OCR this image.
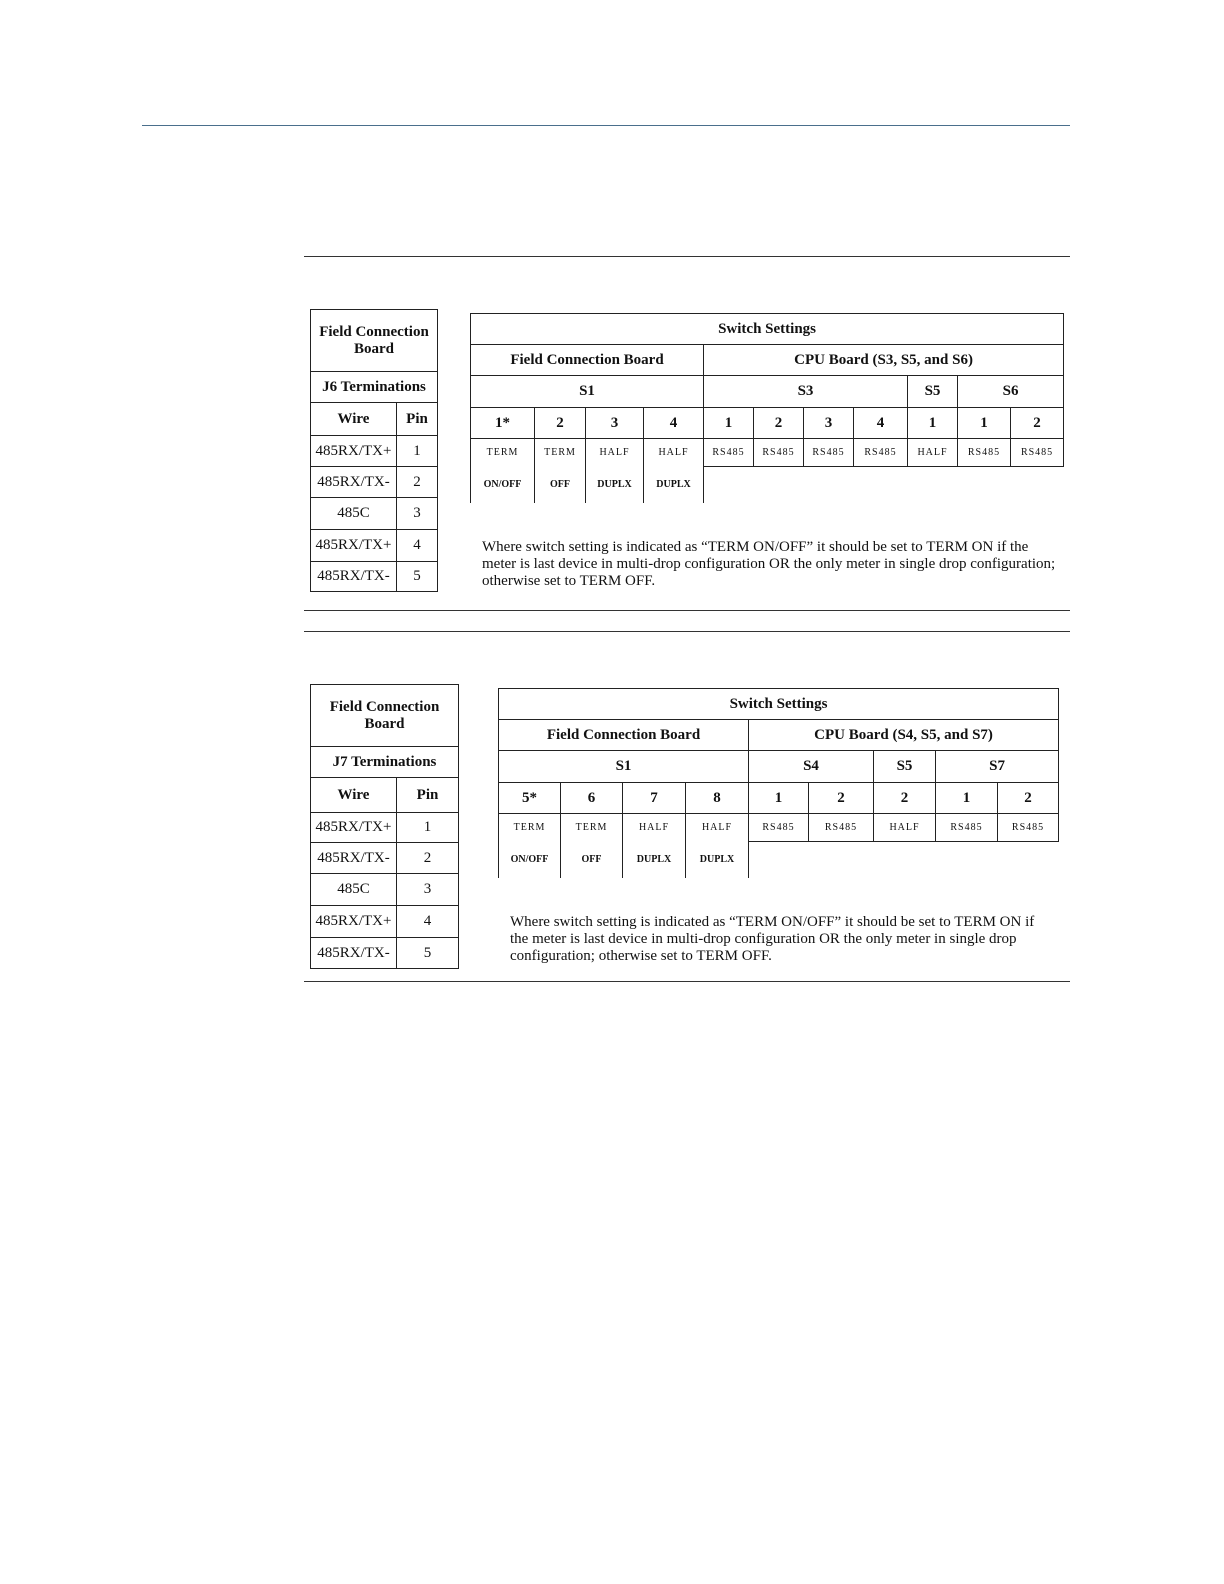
Field Connection Board	
J6 Terminations	
Wire	Pin
485RX/TX+	1
485RX/TX-	2
485C	3
485RX/TX+	4
485RX/TX-	5
Switch Settings										
Field Connection Board				CPU Board (S3, S5, and S6)						
S1				S3				S5	S6	
1*	2	3	4	1	2	3	4	1	1	2
TERM	TERM	HALF	HALF	RS485	RS485	RS485	RS485	HALF	RS485	RS485
ON/OFF	OFF	DUPLX	DUPLX							

Where switch setting is indicated as “TERM ON/OFF” it should be set to TERM ON if the meter is last device in multi-drop configuration OR the only meter in single drop configuration; otherwise set to TERM OFF.

Field Connection Board	
J7 Terminations	
Wire	Pin
485RX/TX+	1
485RX/TX-	2
485C	3
485RX/TX+	4
485RX/TX-	5
Switch Settings								
Field Connection Board				CPU Board (S4, S5, and S7)				
S1				S4		S5	S7	
5*	6	7	8	1	2	2	1	2
TERM	TERM	HALF	HALF	RS485	RS485	HALF	RS485	RS485
ON/OFF	OFF	DUPLX	DUPLX					

Where switch setting is indicated as “TERM ON/OFF” it should be set to TERM ON if the meter is last device in multi-drop configuration OR the only meter in single drop configuration; otherwise set to TERM OFF.
